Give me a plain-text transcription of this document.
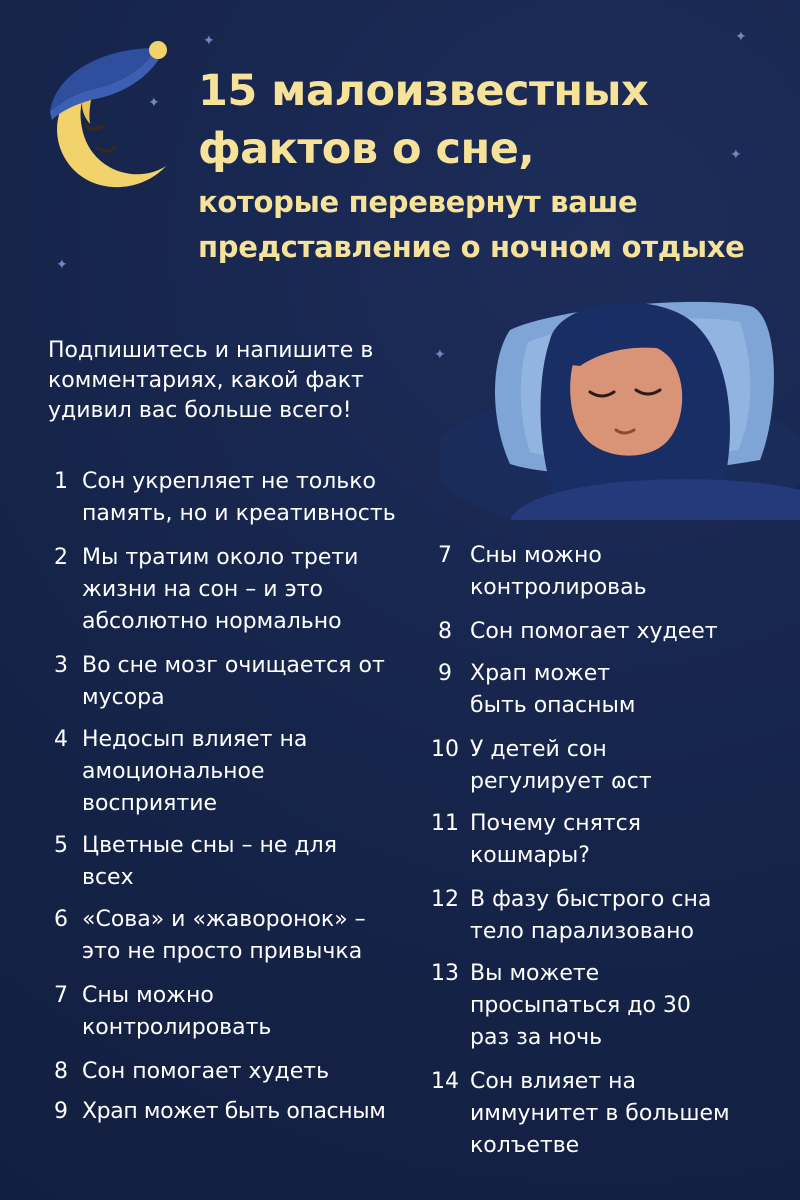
✦	✦
✦
✦
✦
✦
15 малоизвестных фактов о сне,
которые перевернут ваше представление о ночном отдыхе
Подпишитесь и напишите в комментариях, какой факт удивил вас больше всего!
1 Сон укрепляет не только память, но и креативность
2 Мы тратим около трети жизни на сон – и это абсолютно нормально
3 Во сне мозг очищается от мусора
4 Недосып влияет на амоциональное восприятие
5 Цветные сны – не для всех
6 «Сова» и «жаворонок» – это не просто привычка
7 Сны можно контролировать
8 Сон помогает худеть
9 Храп может быть опасным
7 Сны можно контролироваь
8 Сон помогает худеет
9 Храп может быть опасным
10 У детей сон регулирует ɷст
11 Почему снятся кошмары?
12 В фазу быстрого сна тело парализовано
13 Вы можете просыпаться до 30 раз за ночь
14 Сон влияет на иммунитет в большем колъетве
